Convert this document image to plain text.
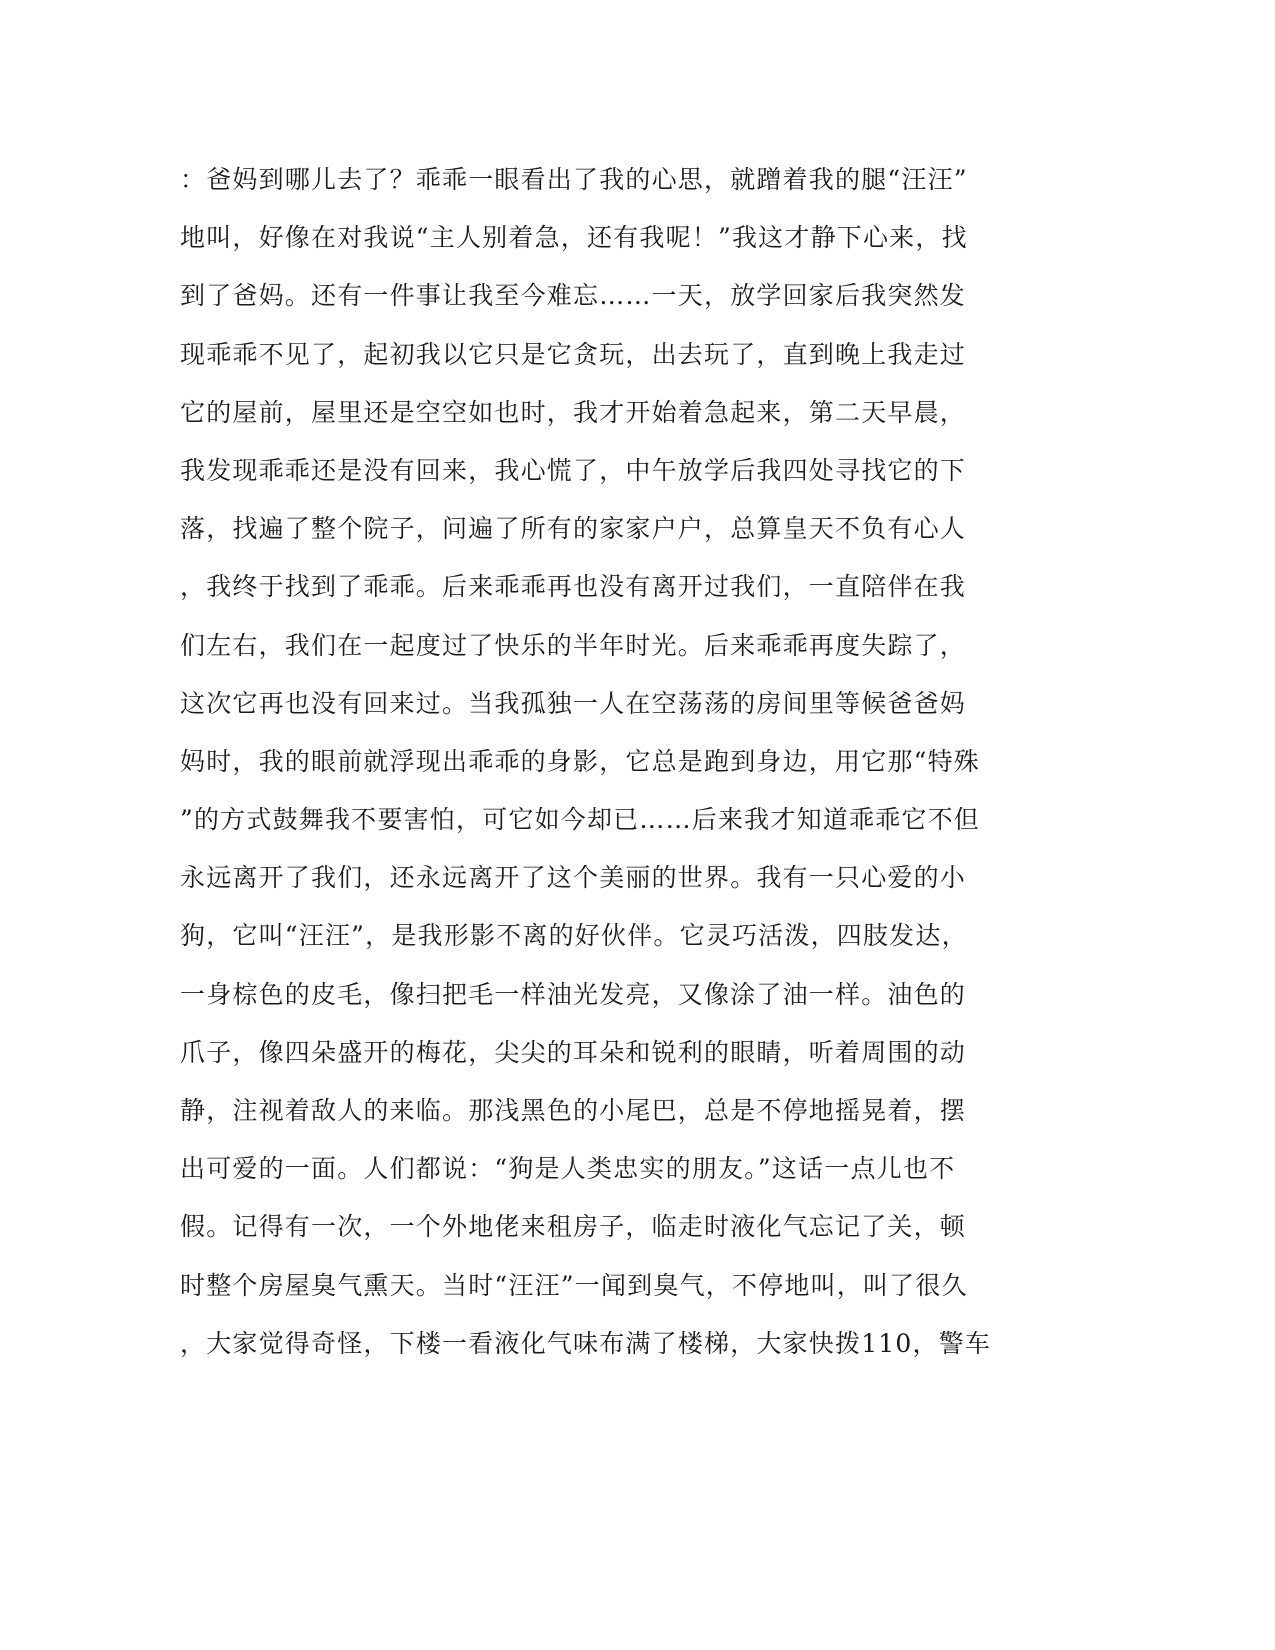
：爸妈到哪儿去了？乖乖一眼看出了我的心思，就蹭着我的腿“汪汪”
地叫，好像在对我说“主人别着急，还有我呢！”我这才静下心来，找
到了爸妈。还有一件事让我至今难忘……一天，放学回家后我突然发
现乖乖不见了，起初我以它只是它贪玩，出去玩了，直到晚上我走过
它的屋前，屋里还是空空如也时，我才开始着急起来，第二天早晨，
我发现乖乖还是没有回来，我心慌了，中午放学后我四处寻找它的下
落，找遍了整个院子，问遍了所有的家家户户，总算皇天不负有心人
，我终于找到了乖乖。后来乖乖再也没有离开过我们，一直陪伴在我
们左右，我们在一起度过了快乐的半年时光。后来乖乖再度失踪了，
这次它再也没有回来过。当我孤独一人在空荡荡的房间里等候爸爸妈
妈时，我的眼前就浮现出乖乖的身影，它总是跑到身边，用它那“特殊
”的方式鼓舞我不要害怕，可它如今却已……后来我才知道乖乖它不但
永远离开了我们，还永远离开了这个美丽的世界。我有一只心爱的小
狗，它叫“汪汪”，是我形影不离的好伙伴。它灵巧活泼，四肢发达，
一身棕色的皮毛，像扫把毛一样油光发亮，又像涂了油一样。油色的
爪子，像四朵盛开的梅花，尖尖的耳朵和锐利的眼睛，听着周围的动
静，注视着敌人的来临。那浅黑色的小尾巴，总是不停地摇晃着，摆
出可爱的一面。人们都说：“狗是人类忠实的朋友。”这话一点儿也不
假。记得有一次，一个外地佬来租房子，临走时液化气忘记了关，顿
时整个房屋臭气熏天。当时“汪汪”一闻到臭气，不停地叫，叫了很久
，大家觉得奇怪，下楼一看液化气味布满了楼梯，大家快拨110，警车
